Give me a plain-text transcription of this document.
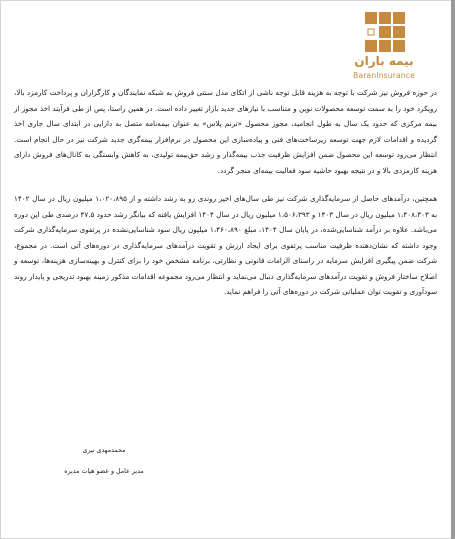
بیمه باران
BaranInsurance

در حوزه فروش نیز شرکت با توجه به هزینه قابل توجه ناشی از اتکای مدل سنتی فروش به شبکه نمایندگان و کارگزاران و پرداخت کارمزد بالا، رویکرد خود را به سمت توسعه محصولات نوین و متناسب با نیازهای جدید بازار تغییر داده است. در همین راستا، پس از طی فرآیند اخذ مجوز از بیمه مرکزی که حدود یک سال به طول انجامید، مجوز محصول «ترنم پلاس» به عنوان بیمه‌نامه متصل به دارایی در ابتدای سال جاری اخذ گردیده و اقدامات لازم جهت توسعه زیرساخت‌های فنی و پیاده‌سازی این محصول در نرم‌افزار بیمه‌گری جدید شرکت نیز در حال انجام است. انتظار می‌رود توسعه این محصول ضمن افزایش ظرفیت جذب بیمه‌گذار و رشد حق‌بیمه تولیدی، به کاهش وابستگی به کانال‌های فروش دارای هزینه کارمزدی بالا و در نتیجه بهبود حاشیه سود فعالیت بیمه‌ای منجر گردد.

همچنین، درآمدهای حاصل از سرمایه‌گذاری شرکت نیز طی سال‌های اخیر روندی رو به رشد داشته و از ۱،۰۲۰،۸۹۵ میلیون ریال در سال ۱۴۰۲ به ۱،۴۰۸،۳۰۳ میلیون ریال در سال ۱۴۰۳ و ۱،۵۰۶،۳۹۳ میلیون ریال در سال ۱۴۰۴ افزایش یافته که بیانگر رشد حدود ۴۷.۵ درصدی طی این دوره می‌باشد. علاوه بر درآمد شناسایی‌شده، در پایان سال ۱۴۰۴، مبلغ ۱،۴۶۰،۸۹۰ میلیون ریال سود شناسایی‌نشده در پرتفوی سرمایه‌گذاری شرکت وجود داشته که نشان‌دهنده ظرفیت مناسب پرتفوی برای ایجاد ارزش و تقویت درآمدهای سرمایه‌گذاری در دوره‌های آتی است. در مجموع، شرکت ضمن پیگیری افزایش سرمایه در راستای الزامات قانونی و نظارتی، برنامه مشخص خود را برای کنترل و بهینه‌سازی هزینه‌ها، توسعه و اصلاح ساختار فروش و تقویت درآمدهای سرمایه‌گذاری دنبال می‌نماید و انتظار می‌رود مجموعه اقدامات مذکور زمینه بهبود تدریجی و پایدار روند سودآوری و تقویت توان عملیاتی شرکت در دوره‌های آتی را فراهم نماید.

محمدمهدی نیری
مدیر عامل و عضو هیات مدیره
